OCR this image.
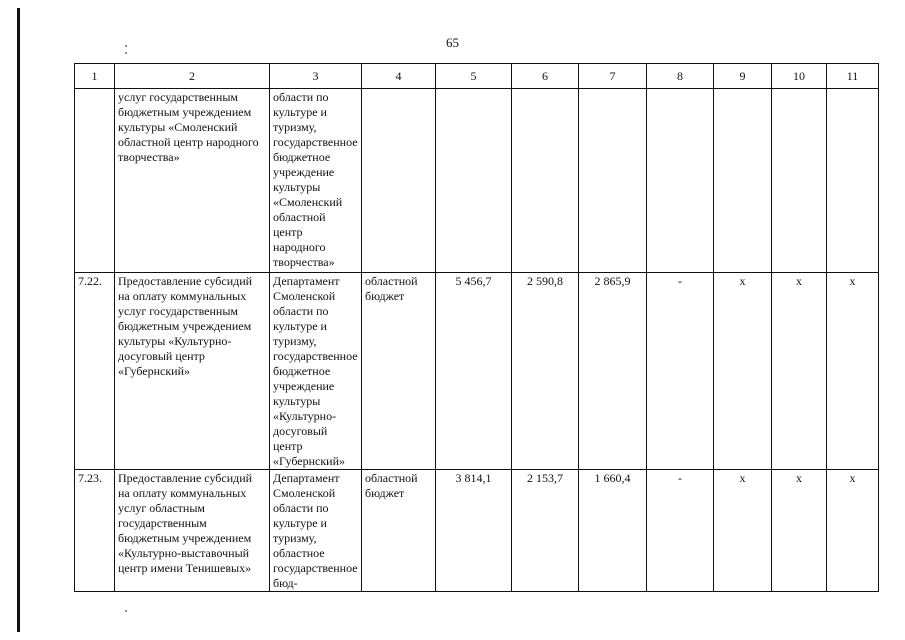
65
1	2	3	4	5	6	7	8	9	10	11
	услуг государственным бюджетным учреждением культуры «Смоленский областной центр народного творчества»	области по культуре и туризму, государственное бюджетное учреждение культуры «Смоленский областной центр народного творчества»								
7.22.	Предоставление субсидий на оплату коммунальных услуг государственным бюджетным учреждением культуры «Культурно-досуговый центр «Губернский»	Департамент Смоленской области по культуре и туризму, государственное бюджетное учреждение культуры «Культурно-досуговый центр «Губернский»	областной бюджет	5 456,7	2 590,8	2 865,9	-	х	х	х
7.23.	Предоставление субсидий на оплату коммунальных услуг областным государственным бюджетным учреждением «Культурно-выставочный центр имени Тенишевых»	Департамент Смоленской области по культуре и туризму, областное государственное бюд-	областной бюджет	3 814,1	2 153,7	1 660,4	-	х	х	х
